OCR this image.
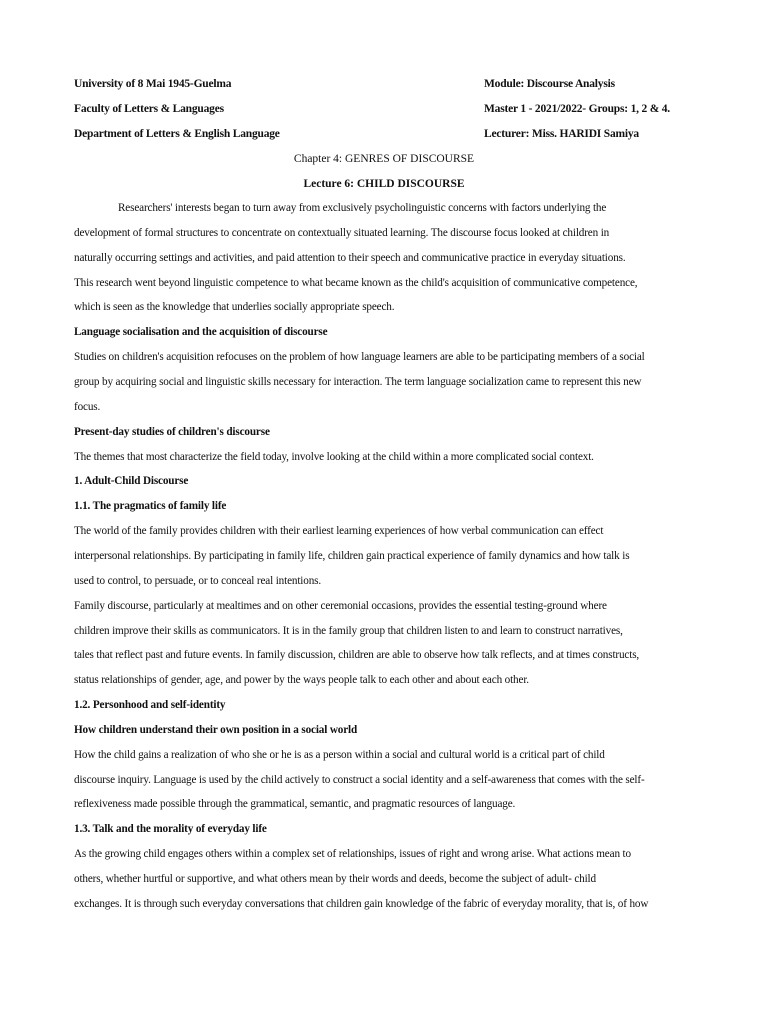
University of 8 Mai 1945-Guelma
Faculty of Letters & Languages
Department of Letters & English Language
Module: Discourse Analysis
Master 1 - 2021/2022- Groups: 1, 2 & 4.
Lecturer: Miss. HARIDI Samiya
Chapter 4: GENRES OF DISCOURSE
Lecture 6: CHILD DISCOURSE
Researchers' interests began to turn away from exclusively psycholinguistic concerns with factors underlying the
development of formal structures to concentrate on contextually situated learning. The discourse focus looked at children in
naturally occurring settings and activities, and paid attention to their speech and communicative practice in everyday situations.
This research went beyond linguistic competence to what became known as the child's acquisition of communicative competence,
which is seen as the knowledge that underlies socially appropriate speech.
Language socialisation and the acquisition of discourse
Studies on children's acquisition refocuses on the problem of how language learners are able to be participating members of a social
group by acquiring social and linguistic skills necessary for interaction. The term language socialization came to represent this new
focus.
Present-day studies of children's discourse
The themes that most characterize the field today, involve looking at the child within a more complicated social context.
1. Adult-Child Discourse
1.1. The pragmatics of family life
The world of the family provides children with their earliest learning experiences of how verbal communication can effect
interpersonal relationships. By participating in family life, children gain practical experience of family dynamics and how talk is
used to control, to persuade, or to conceal real intentions.
Family discourse, particularly at mealtimes and on other ceremonial occasions, provides the essential testing-ground where
children improve their skills as communicators. It is in the family group that children listen to and learn to construct narratives,
tales that reflect past and future events. In family discussion, children are able to observe how talk reflects, and at times constructs,
status relationships of gender, age, and power by the ways people talk to each other and about each other.
1.2. Personhood and self-identity
How children understand their own position in a social world
How the child gains a realization of who she or he is as a person within a social and cultural world is a critical part of child
discourse inquiry. Language is used by the child actively to construct a social identity and a self-awareness that comes with the self-
reflexiveness made possible through the grammatical, semantic, and pragmatic resources of language.
1.3. Talk and the morality of everyday life
As the growing child engages others within a complex set of relationships, issues of right and wrong arise. What actions mean to
others, whether hurtful or supportive, and what others mean by their words and deeds, become the subject of adult- child
exchanges. It is through such everyday conversations that children gain knowledge of the fabric of everyday morality, that is, of how
